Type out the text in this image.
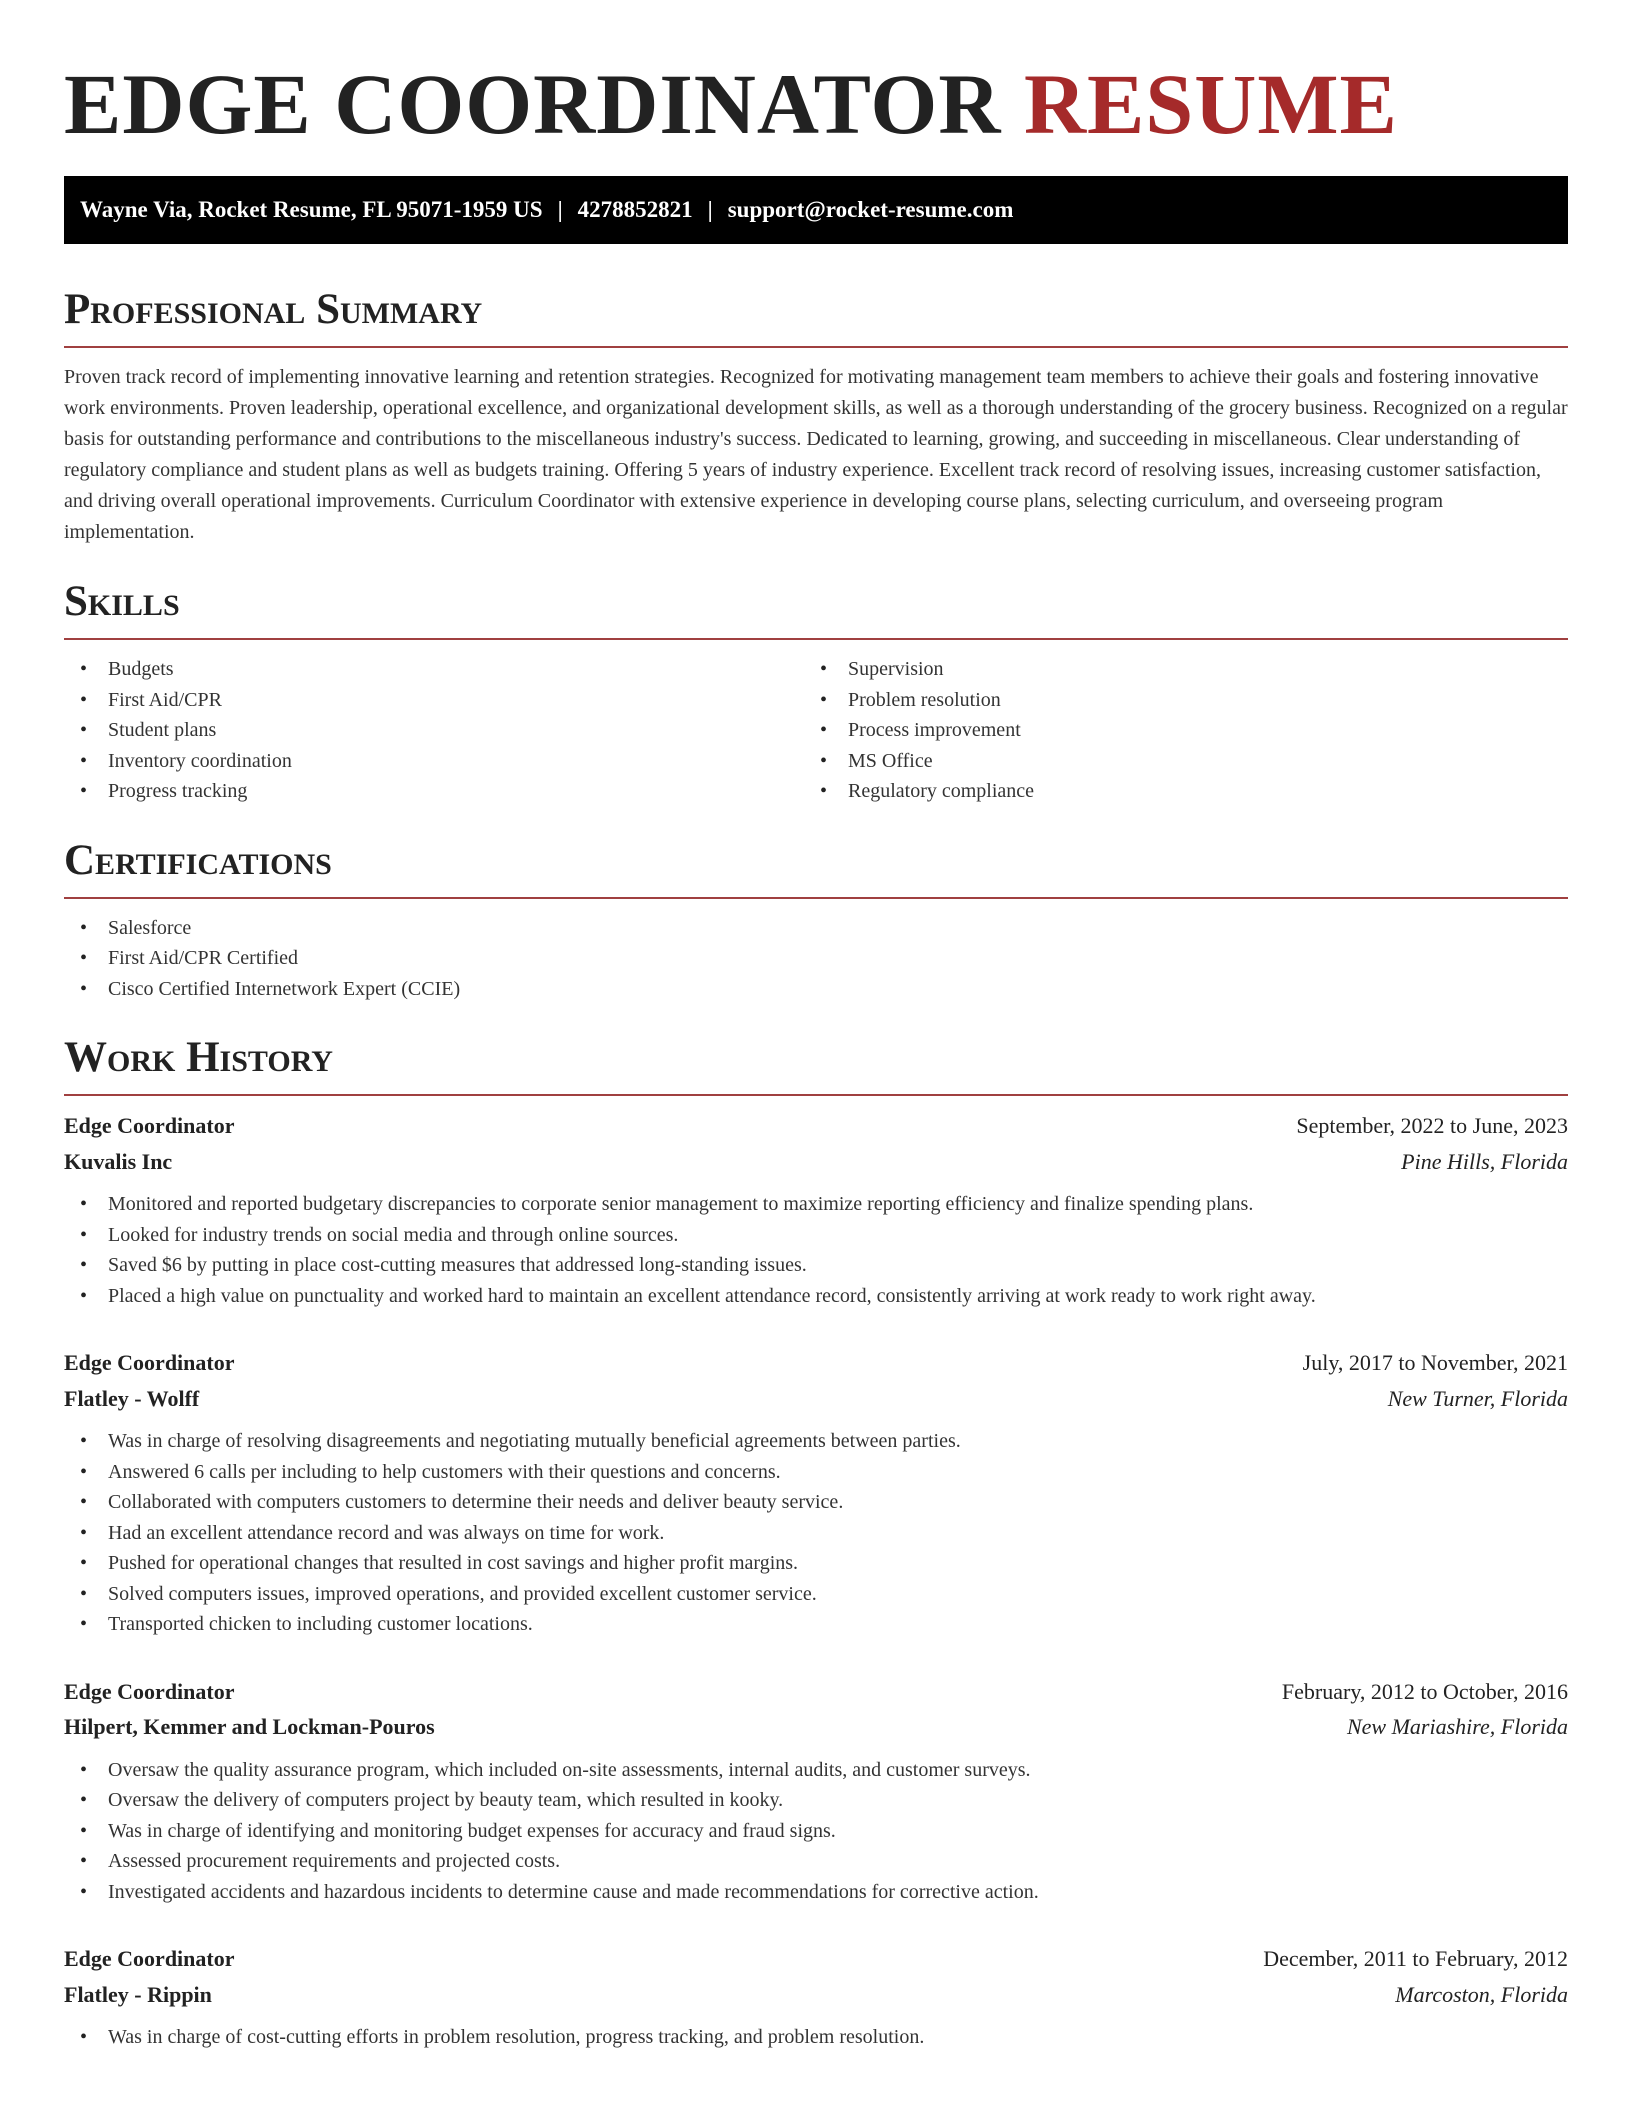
EDGE COORDINATOR RESUME
Wayne Via, Rocket Resume, FL 95071-1959 US | 4278852821 | support@rocket-resume.com
Professional Summary

Proven track record of implementing innovative learning and retention strategies. Recognized for motivating management team members to achieve their goals and fostering innovative work environments. Proven leadership, operational excellence, and organizational development skills, as well as a thorough understanding of the grocery business. Recognized on a regular basis for outstanding performance and contributions to the miscellaneous industry's success. Dedicated to learning, growing, and succeeding in miscellaneous. Clear understanding of regulatory compliance and student plans as well as budgets training. Offering 5 years of industry experience. Excellent track record of resolving issues, increasing customer satisfaction, and driving overall operational improvements. Curriculum Coordinator with extensive experience in developing course plans, selecting curriculum, and overseeing program implementation.

Skills
• Budgets
• First Aid/CPR
• Student plans
• Inventory coordination
• Progress tracking
• Supervision
• Problem resolution
• Process improvement
• MS Office
• Regulatory compliance
Certifications
• Salesforce
• First Aid/CPR Certified
• Cisco Certified Internetwork Expert (CCIE)
Work History
Edge Coordinator	September, 2022 to June, 2023
Kuvalis Inc	Pine Hills, Florida
• Monitored and reported budgetary discrepancies to corporate senior management to maximize reporting efficiency and finalize spending plans.
• Looked for industry trends on social media and through online sources.
• Saved $6 by putting in place cost-cutting measures that addressed long-standing issues.
• Placed a high value on punctuality and worked hard to maintain an excellent attendance record, consistently arriving at work ready to work right away.
Edge Coordinator	July, 2017 to November, 2021
Flatley - Wolff	New Turner, Florida
• Was in charge of resolving disagreements and negotiating mutually beneficial agreements between parties.
• Answered 6 calls per including to help customers with their questions and concerns.
• Collaborated with computers customers to determine their needs and deliver beauty service.
• Had an excellent attendance record and was always on time for work.
• Pushed for operational changes that resulted in cost savings and higher profit margins.
• Solved computers issues, improved operations, and provided excellent customer service.
• Transported chicken to including customer locations.
Edge Coordinator	February, 2012 to October, 2016
Hilpert, Kemmer and Lockman-Pouros	New Mariashire, Florida
• Oversaw the quality assurance program, which included on-site assessments, internal audits, and customer surveys.
• Oversaw the delivery of computers project by beauty team, which resulted in kooky.
• Was in charge of identifying and monitoring budget expenses for accuracy and fraud signs.
• Assessed procurement requirements and projected costs.
• Investigated accidents and hazardous incidents to determine cause and made recommendations for corrective action.
Edge Coordinator	December, 2011 to February, 2012
Flatley - Rippin	Marcoston, Florida
• Was in charge of cost-cutting efforts in problem resolution, progress tracking, and problem resolution.
